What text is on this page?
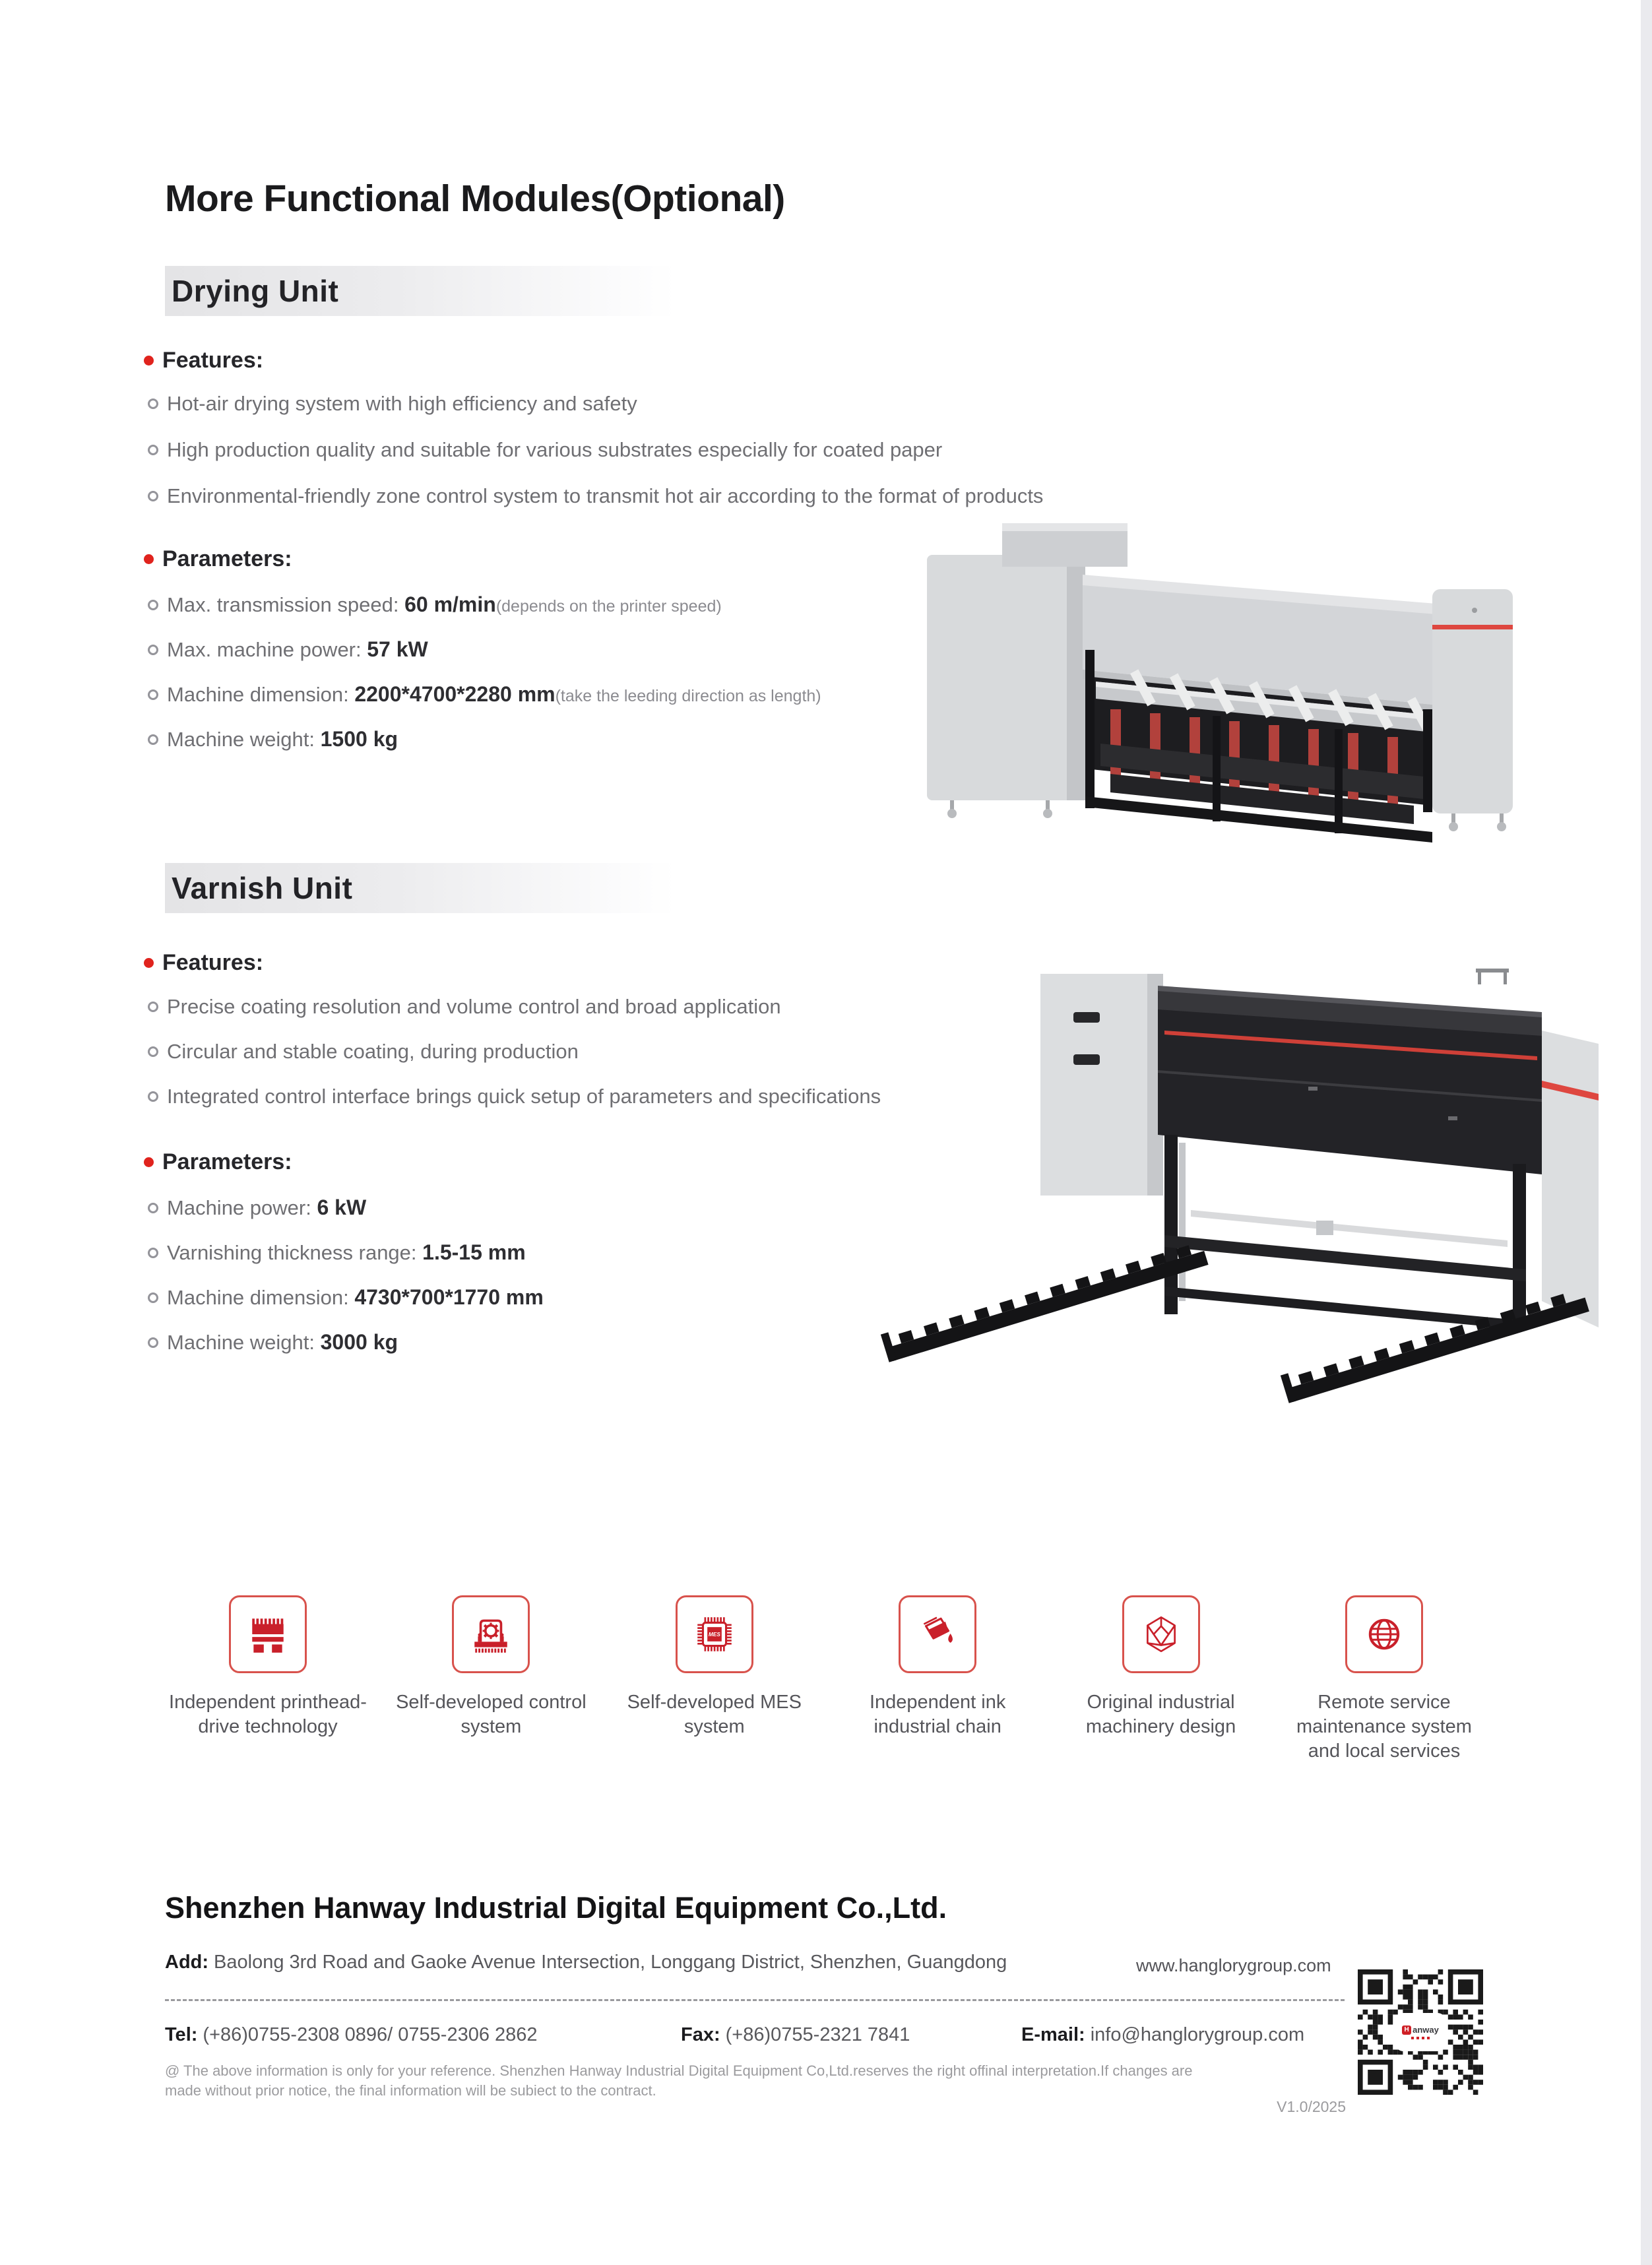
More Functional Modules(Optional)
Drying Unit
Features:
Hot-air drying system with high efficiency and safety
High production quality and suitable for various substrates especially for coated paper
Environmental-friendly zone control system to transmit hot air according to the format of products
Parameters:
Max. transmission speed: 60 m/min(depends on the printer speed)
Max. machine power: 57 kW
Machine dimension: 2200*4700*2280 mm(take the leeding direction as length)
Machine weight: 1500 kg
Varnish Unit
Features:
Precise coating resolution and volume control and broad application
Circular and stable coating, during production
Integrated control interface brings quick setup of parameters and specifications
Parameters:
Machine power: 6 kW
Varnishing thickness range: 1.5-15 mm
Machine dimension: 4730*700*1770 mm
Machine weight: 3000 kg
Independent printhead-drive technology
Self-developed control system
MES
Self-developed MES system
Independent ink industrial chain
Original industrial machinery design
Remote service maintenance system and local services
Shenzhen Hanway Industrial Digital Equipment Co.,Ltd.
Add: Baolong 3rd Road and Gaoke Avenue Intersection, Longgang District, Shenzhen, Guangdong	www.hanglorygroup.com
Tel: (+86)0755-2308 0896/ 0755-2306 2862	Fax: (+86)0755-2321 7841	E-mail: info@hanglorygroup.com
@ The above information is only for your reference. Shenzhen Hanway Industrial Digital Equipment Co,Ltd.reserves the right offinal interpretation.If changes are
made without prior notice, the final information will be subiect to the contract.
V1.0/2025
H anway
